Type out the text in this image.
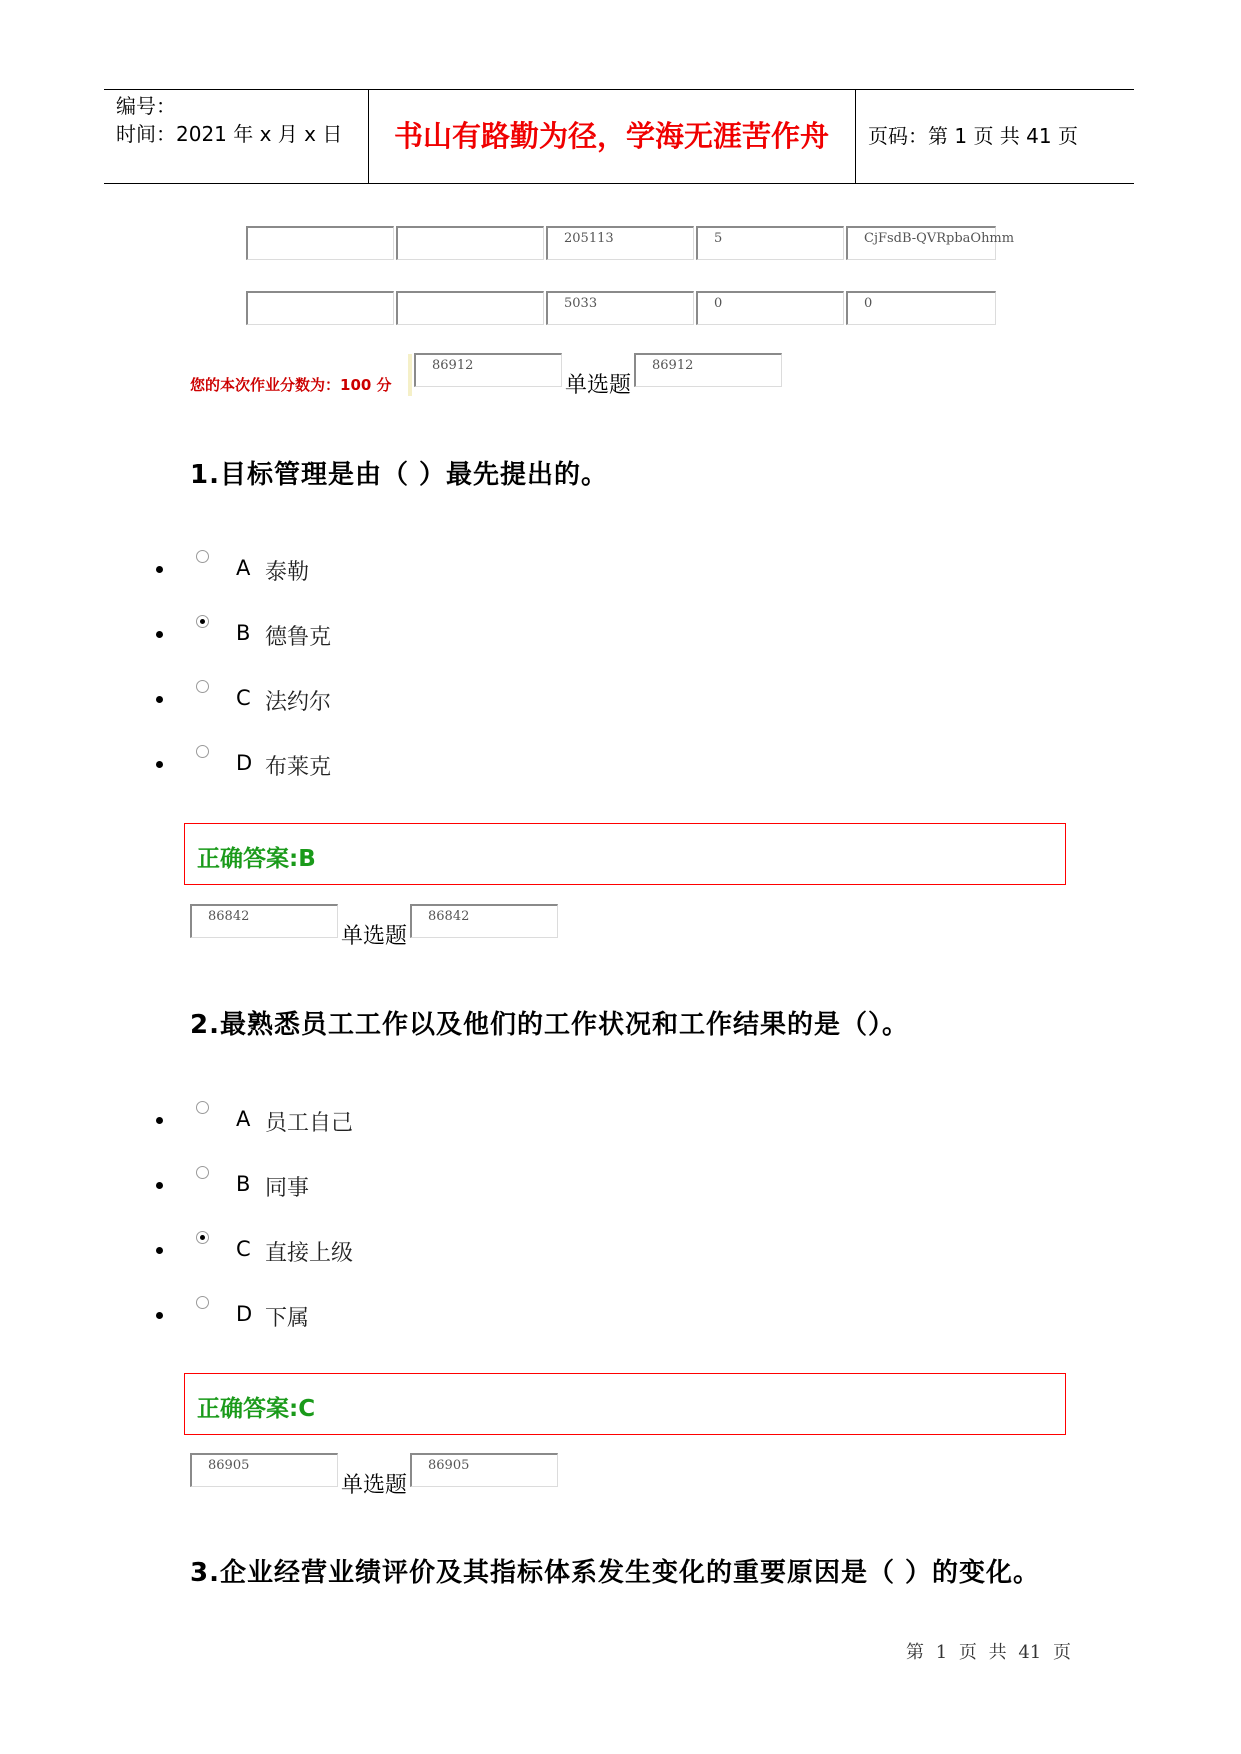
编号：
时间：2021 年 x 月 x 日	书山有路勤为径，学海无涯苦作舟	页码：第 1 页 共 41 页
205113	5	CjFsdB-QVRpbaOhmm
5033	0	0
您的本次作业分数为：100 分
86912
单选题
86912
1.目标管理是由（ ）最先提出的。
A 泰勒
B 德鲁克
C 法约尔
D 布莱克
正确答案:B
86842
单选题
86842
2.最熟悉员工工作以及他们的工作状况和工作结果的是（）。
A 员工自己
B 同事
C 直接上级
D 下属
正确答案:C
86905
单选题
86905
3.企业经营业绩评价及其指标体系发生变化的重要原因是（ ）的变化。
第 1 页 共 41 页
